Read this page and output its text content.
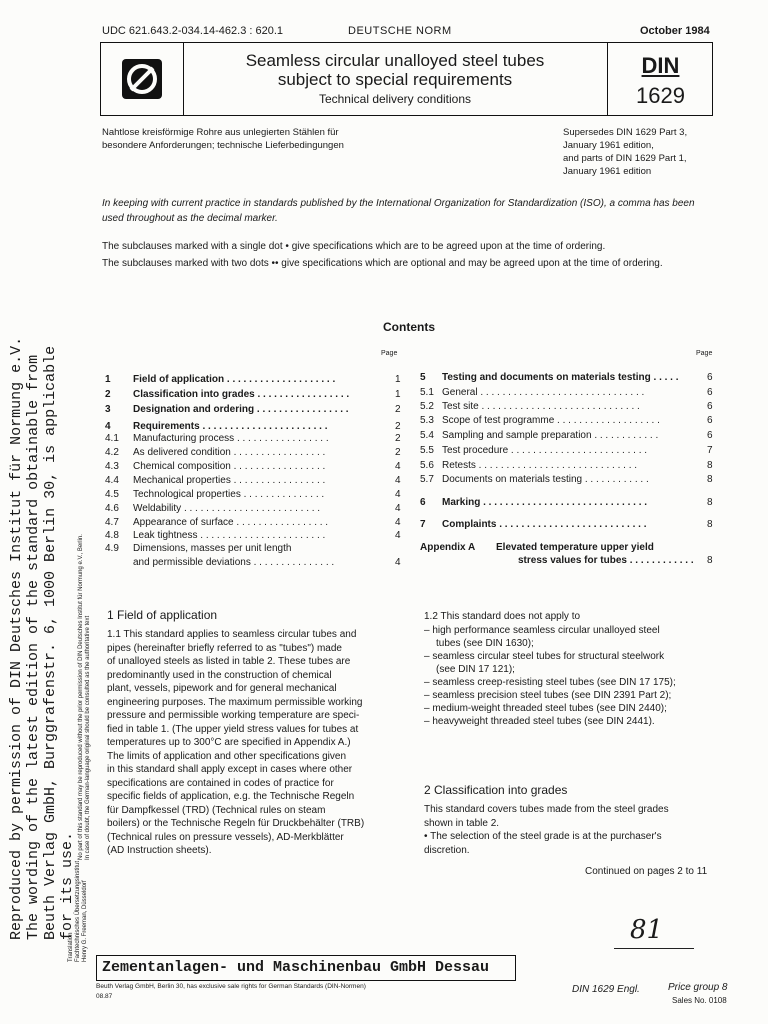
UDC 621.643.2-034.14-462.3 : 620.1	DEUTSCHE NORM	October 1984
Seamless circular unalloyed steel tubes
subject to special requirements
Technical delivery conditions
DIN
1629
Nahtlose kreisförmige Rohre aus unlegierten Stählen für
besondere Anforderungen; technische Lieferbedingungen
Supersedes DIN 1629 Part 3,
January 1961 edition,
and parts of DIN 1629 Part 1,
January 1961 edition
In keeping with current practice in standards published by the International Organization for Standardization (ISO), a comma has been used throughout as the decimal marker.
The subclauses marked with a single dot • give specifications which are to be agreed upon at the time of ordering.
The subclauses marked with two dots •• give specifications which are optional and may be agreed upon at the time of ordering.
Contents
Page	Page
1 Field of application . . . . . . . . . . . . . . . . . . . .	1
2 Classification into grades . . . . . . . . . . . . . . . . .	1
3 Designation and ordering . . . . . . . . . . . . . . . . .	2
4 Requirements . . . . . . . . . . . . . . . . . . . . . . .	2
4.1 Manufacturing process . . . . . . . . . . . . . . . . .	2
4.2 As delivered condition . . . . . . . . . . . . . . . . .	2
4.3 Chemical composition . . . . . . . . . . . . . . . . .	4
4.4 Mechanical properties . . . . . . . . . . . . . . . . .	4
4.5 Technological properties . . . . . . . . . . . . . . .	4
4.6 Weldability . . . . . . . . . . . . . . . . . . . . . . . . .	4
4.7 Appearance of surface . . . . . . . . . . . . . . . . .	4
4.8 Leak tightness . . . . . . . . . . . . . . . . . . . . . . .	4
4.9 Dimensions, masses per unit length
and permissible deviations . . . . . . . . . . . . . . .	4
5 Testing and documents on materials testing . . . . .	6
5.1 General . . . . . . . . . . . . . . . . . . . . . . . . . . . . . .	6
5.2 Test site . . . . . . . . . . . . . . . . . . . . . . . . . . . . .	6
5.3 Scope of test programme . . . . . . . . . . . . . . . . . . .	6
5.4 Sampling and sample preparation . . . . . . . . . . . .	6
5.5 Test procedure . . . . . . . . . . . . . . . . . . . . . . . . .	7
5.6 Retests . . . . . . . . . . . . . . . . . . . . . . . . . . . . .	8
5.7 Documents on materials testing . . . . . . . . . . . .	8
6 Marking . . . . . . . . . . . . . . . . . . . . . . . . . . . . . .	8
7 Complaints . . . . . . . . . . . . . . . . . . . . . . . . . . .	8
Appendix A Elevated temperature upper yield
stress values for tubes . . . . . . . . . . . . 8
1 Field of application
1.1 This standard applies to seamless circular tubes and
pipes (hereinafter briefly referred to as "tubes") made
of unalloyed steels as listed in table 2. These tubes are
predominantly used in the construction of chemical
plant, vessels, pipework and for general mechanical
engineering purposes. The maximum permissible working
pressure and permissible working temperature are speci-
fied in table 1. (The upper yield stress values for tubes at
temperatures up to 300°C are specified in Appendix A.)
The limits of application and other specifications given
in this standard shall apply except in cases where other
specifications are contained in codes of practice for
specific fields of application, e.g. the Technische Regeln
für Dampfkessel (TRD) (Technical rules on steam
boilers) or the Technische Regeln für Druckbehälter (TRB)
(Technical rules on pressure vessels), AD-Merkblätter
(AD Instruction sheets).
1.2 This standard does not apply to
– high performance seamless circular unalloyed steel
tubes (see DIN 1630);
– seamless circular steel tubes for structural steelwork
(see DIN 17 121);
– seamless creep-resisting steel tubes (see DIN 17 175);
– seamless precision steel tubes (see DIN 2391 Part 2);
– medium-weight threaded steel tubes (see DIN 2440);
– heavyweight threaded steel tubes (see DIN 2441).
2 Classification into grades
This standard covers tubes made from the steel grades
shown in table 2.
• The selection of the steel grade is at the purchaser's
discretion.
Continued on pages 2 to 11
Reproduced by permission of DIN Deutsches Institut für Normung e.V. The wording of the latest edition of the standard obtainable from Beuth Verlag GmbH, Burggrafenstr. 6, 1000 Berlin 30, is applicable for its use.
No part of this standard may be reproduced without the prior permission of DIN Deutsches Institut für Normung e.V., Berlin. In case of doubt, the German-language original should be consulted as the authoritative text
Translation Fachtechnisches Übersetzungsinstitut Henry G. Freeman, Düsseldorf
Zementanlagen- und Maschinenbau GmbH Dessau
81
Beuth Verlag GmbH, Berlin 30, has exclusive sale rights for German Standards (DIN-Normen)
08.87
DIN 1629 Engl.	Price group 8
Sales No. 0108
